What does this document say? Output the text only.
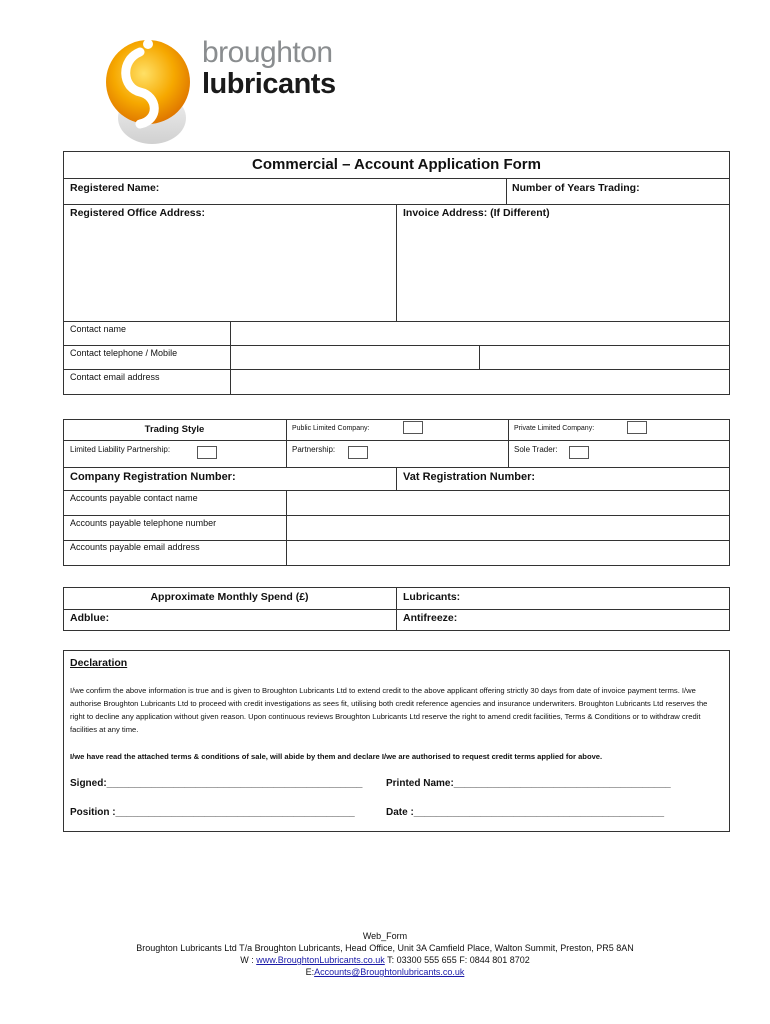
broughton
lubricants
Commercial – Account Application Form
Registered Name:	Number of Years Trading:
Registered Office Address:	Invoice Address: (If Different)
Contact name
Contact telephone / Mobile
Contact email address
Trading Style	Public Limited Company:	Private Limited Company:
Limited Liability Partnership:	Partnership:	Sole Trader:
Company Registration Number:	Vat Registration Number:
Accounts payable contact name
Accounts payable telephone number
Accounts payable email address
Approximate Monthly Spend (£)	Lubricants:
Adblue:	Antifreeze:
Declaration
I/we confirm the above information is true and is given to Broughton Lubricants Ltd to extend credit to the above applicant offering strictly 30 days from date of invoice payment terms. I/we authorise Broughton Lubricants Ltd to proceed with credit investigations as sees fit, utilising both credit reference agencies and insurance underwriters. Broughton Lubricants Ltd reserves the right to decline any application without given reason. Upon continuous reviews Broughton Lubricants Ltd reserve the right to amend credit facilities, Terms & Conditions or to withdraw credit facilities at any time.
I/we have read the attached terms & conditions of sale, will abide by them and declare I/we are authorised to request credit terms applied for above.
Signed:______________________________________________ Printed Name:_______________________________________
Position :___________________________________________	Date :_____________________________________________
Web_Form
Broughton Lubricants Ltd T/a Broughton Lubricants, Head Office, Unit 3A Camfield Place, Walton Summit, Preston, PR5 8AN
W : www.BroughtonLubricants.co.uk T: 03300 555 655 F: 0844 801 8702
E:Accounts@Broughtonlubricants.co.uk
